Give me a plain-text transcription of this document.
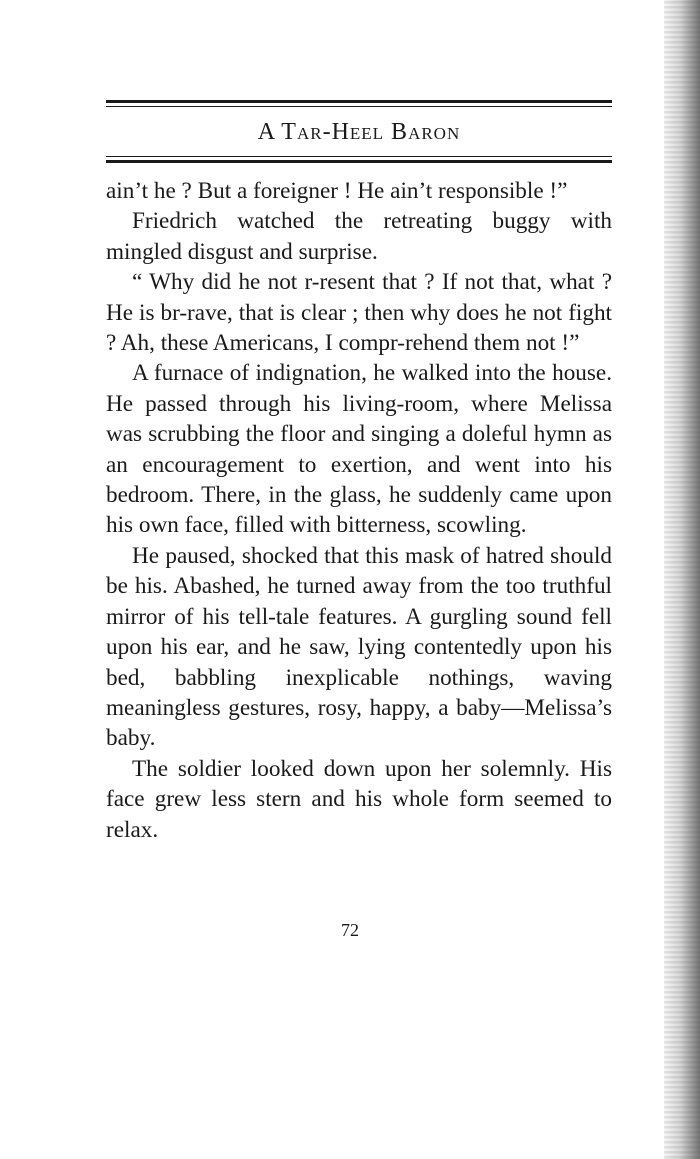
A Tar-Heel Baron

ain’t he ? But a foreigner ! He ain’t responsible !”

Friedrich watched the retreating buggy with mingled disgust and surprise.

“ Why did he not r-resent that ? If not that, what ? He is br-rave, that is clear ; then why does he not fight ? Ah, these Americans, I compr-rehend them not !”

A furnace of indignation, he walked into the house. He passed through his living-room, where Melissa was scrubbing the floor and singing a doleful hymn as an encouragement to exertion, and went into his bedroom. There, in the glass, he suddenly came upon his own face, filled with bitterness, scowling.

He paused, shocked that this mask of hatred should be his. Abashed, he turned away from the too truthful mirror of his tell-tale features. A gurgling sound fell upon his ear, and he saw, lying contentedly upon his bed, babbling inexplicable nothings, waving meaningless gestures, rosy, happy, a baby—Melissa’s baby.

The soldier looked down upon her solemnly. His face grew less stern and his whole form seemed to relax.

72
